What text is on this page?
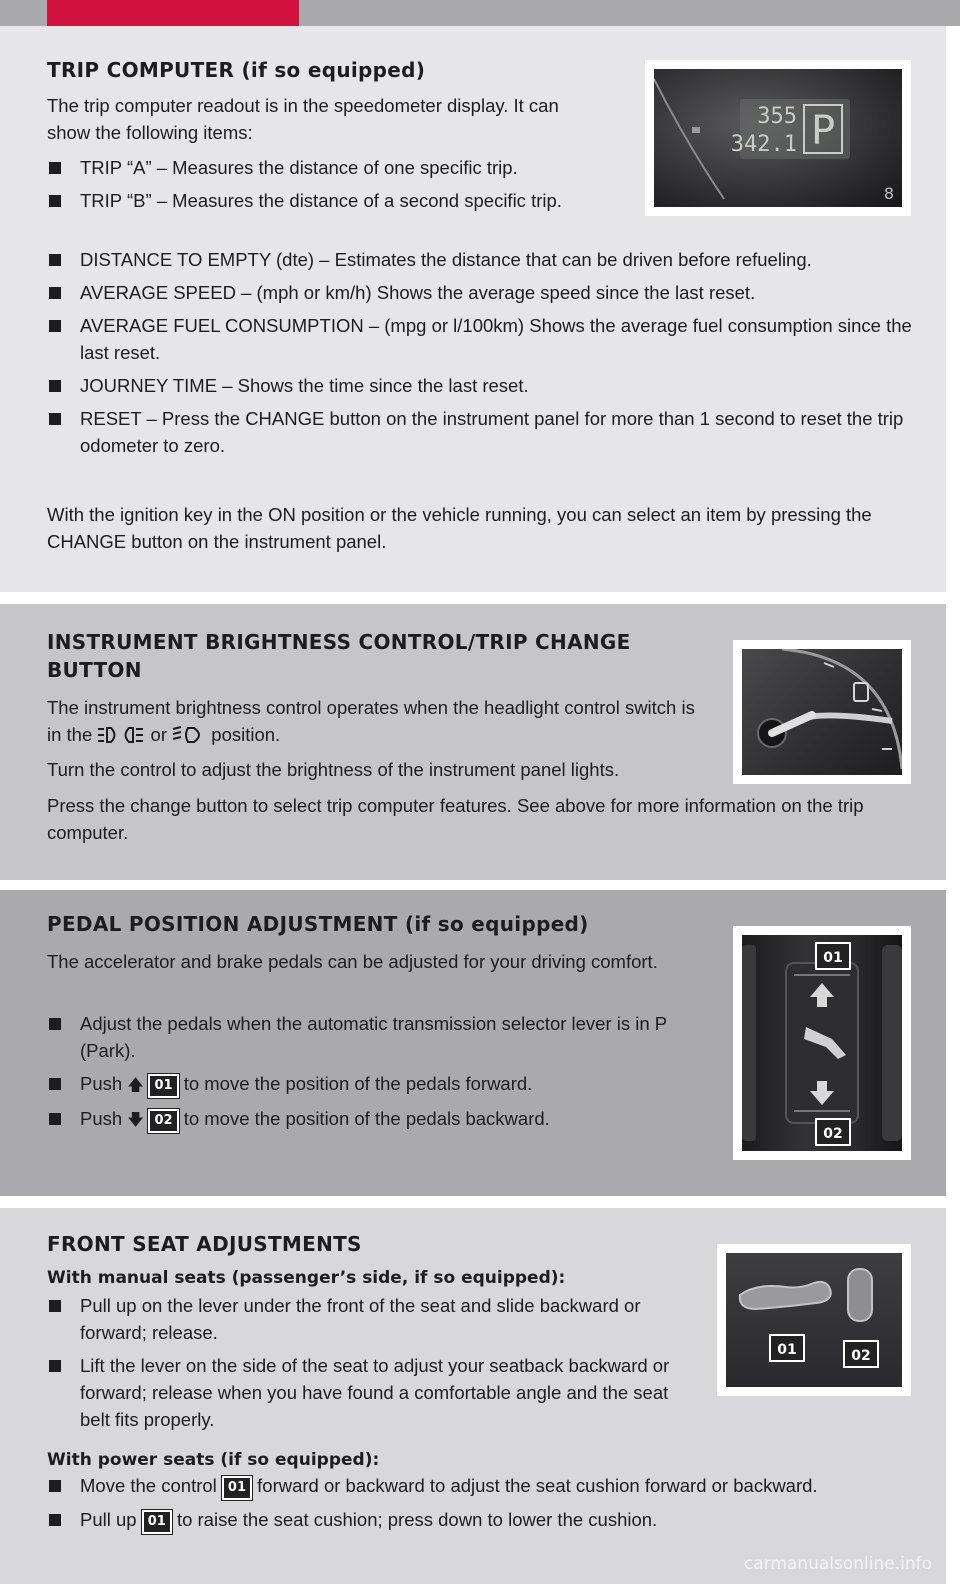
TRIP COMPUTER (if so equipped)

The trip computer readout is in the speedometer display. It can show the following items:

TRIP “A” – Measures the distance of one specific trip.
TRIP “B” – Measures the distance of a second specific trip.
DISTANCE TO EMPTY (dte) – Estimates the distance that can be driven before refueling.
AVERAGE SPEED – (mph or km/h) Shows the average speed since the last reset.
AVERAGE FUEL CONSUMPTION – (mpg or l/100km) Shows the average fuel consumption since the last reset.
JOURNEY TIME – Shows the time since the last reset.
RESET – Press the CHANGE button on the instrument panel for more than 1 second to reset the trip odometer to zero.

With the ignition key in the ON position or the vehicle running, you can select an item by pressing the CHANGE button on the instrument panel.

355
342.1 P
8
INSTRUMENT BRIGHTNESS CONTROL/TRIP CHANGE
BUTTON

The instrument brightness control operates when the headlight control switch is in the	or position.

Turn the control to adjust the brightness of the instrument panel lights.

Press the change button to select trip computer features. See above for more information on the trip computer.

PEDAL POSITION ADJUSTMENT (if so equipped)

The accelerator and brake pedals can be adjusted for your driving comfort.

Adjust the pedals when the automatic transmission selector lever is in P (Park).
Push 🡅 01 to move the position of the pedals forward.
Push 🡇 02 to move the position of the pedals backward.
01
02
FRONT SEAT ADJUSTMENTS
With manual seats (passenger’s side, if so equipped):
Pull up on the lever under the front of the seat and slide backward or forward; release.
Lift the lever on the side of the seat to adjust your seatback backward or forward; release when you have found a comfortable angle and the seat belt fits properly.
With power seats (if so equipped):
Move the control 01 forward or backward to adjust the seat cushion forward or backward.
Pull up 01 to raise the seat cushion; press down to lower the cushion.
01	02
carmanualsonline.info
